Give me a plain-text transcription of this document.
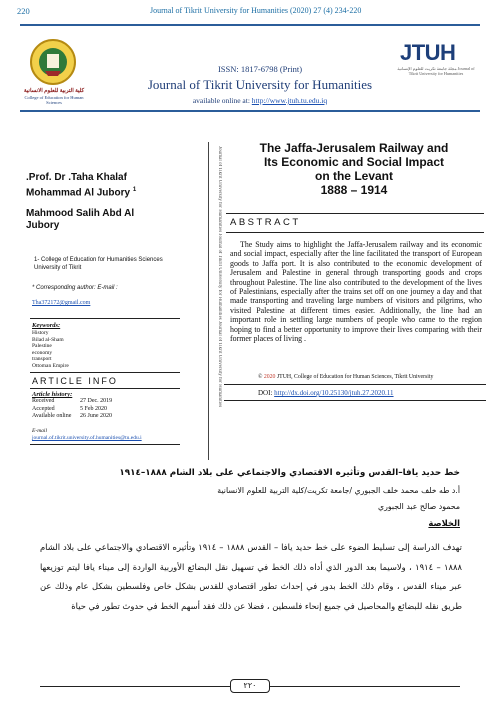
220	Journal of Tikrit University for Humanities (2020) 27 (4) 234-220
كلية التربية للعلوم الانسانية
College of Education for Human Sciences
ISSN: 1817-6798 (Print)
Journal of Tikrit University for Humanities
available online at: http://www.jtuh.tu.edu.iq
JTUH
مجلة جامعة تكريت للعلوم الإنسانية Journal of Tikrit University for Humanities
.Prof. Dr .Taha Khalaf
Mohammad Al Jubory $^1$
Mahmood Salih Abd Al
Jubory
1- College of Education for Humanities Sciences University of Tikrit
* Corresponding author: E-mail :
Tha372172@gmail.com
Keywords:
History
Bilad al-Sham
Palestine
economy
transport
Ottoman Empire
ARTICLE INFO
Article history:
Received	27 Dec. 2019
Accepted	5 Feb 2020
Available online 26 June 2020
E-mail
journal.of.tikrit.university.of.humanities@tu.edu.i
Journal of Tikrit University for Humanities Journal of Tikrit University for Humanities Journal of Tikrit University for Humanities	The Jaffa-Jerusalem Railway and
Its Economic and Social Impact
on the Levant
1888 – 1914
ABSTRACT
The Study aims to highlight the Jaffa-Jerusalem railway and its economic and social impact, especially after the line facilitated the transport of European goods to Jaffa port. It is also contributed to the economic development of Jerusalem and Palestine in general through transporting goods and crops throughout Palestine. The line also contributed to the development of the lives of Palestinians, especially after the trains set off on one journey a day and that made transporting and traveling large numbers of visitors and pilgrims, who visited Palestine at different times easier. Additionally, the line had an important role in settling large numbers of people who came to the region hoping to find a better opportunity to improve their lives comparing with their former places of living .
© 2020 JTUH, College of Education for Human Sciences, Tikrit University
DOI: http://dx.doi.org/10.25130/jtuh.27.2020.11
خط حديد يافا–القدس وتأثيره الاقتصادي والاجتماعي على بلاد الشام ١٨٨٨–١٩١٤
أ.د طه خلف محمد خلف الجبوري /جامعة تكريت/كلية التربية للعلوم الانسانية
محمود صالح عبد الجبوري
الخلاصة
تهدف الدراسة إلى تسليط الضوء على خط حديد يافا – القدس ١٨٨٨ – ١٩١٤ وتأثيره الاقتصادي والاجتماعي على بلاد الشام ١٨٨٨ – ١٩١٤ ، ولاسيما بعد الدور الذي أداه ذلك الخط في تسهيل نقل البضائع الأوربية الواردة إلى ميناء يافا ليتم توزيعها عبر ميناء القدس ، وقام ذلك الخط بدور في إحداث تطور اقتصادي للقدس بشكل خاص وفلسطين بشكل عام وذلك عن طريق نقله للبضائع والمحاصيل في جميع إنحاء فلسطين ، فضلا عن ذلك فقد أسهم الخط في حدوث تطور في حياة
٢٢٠
